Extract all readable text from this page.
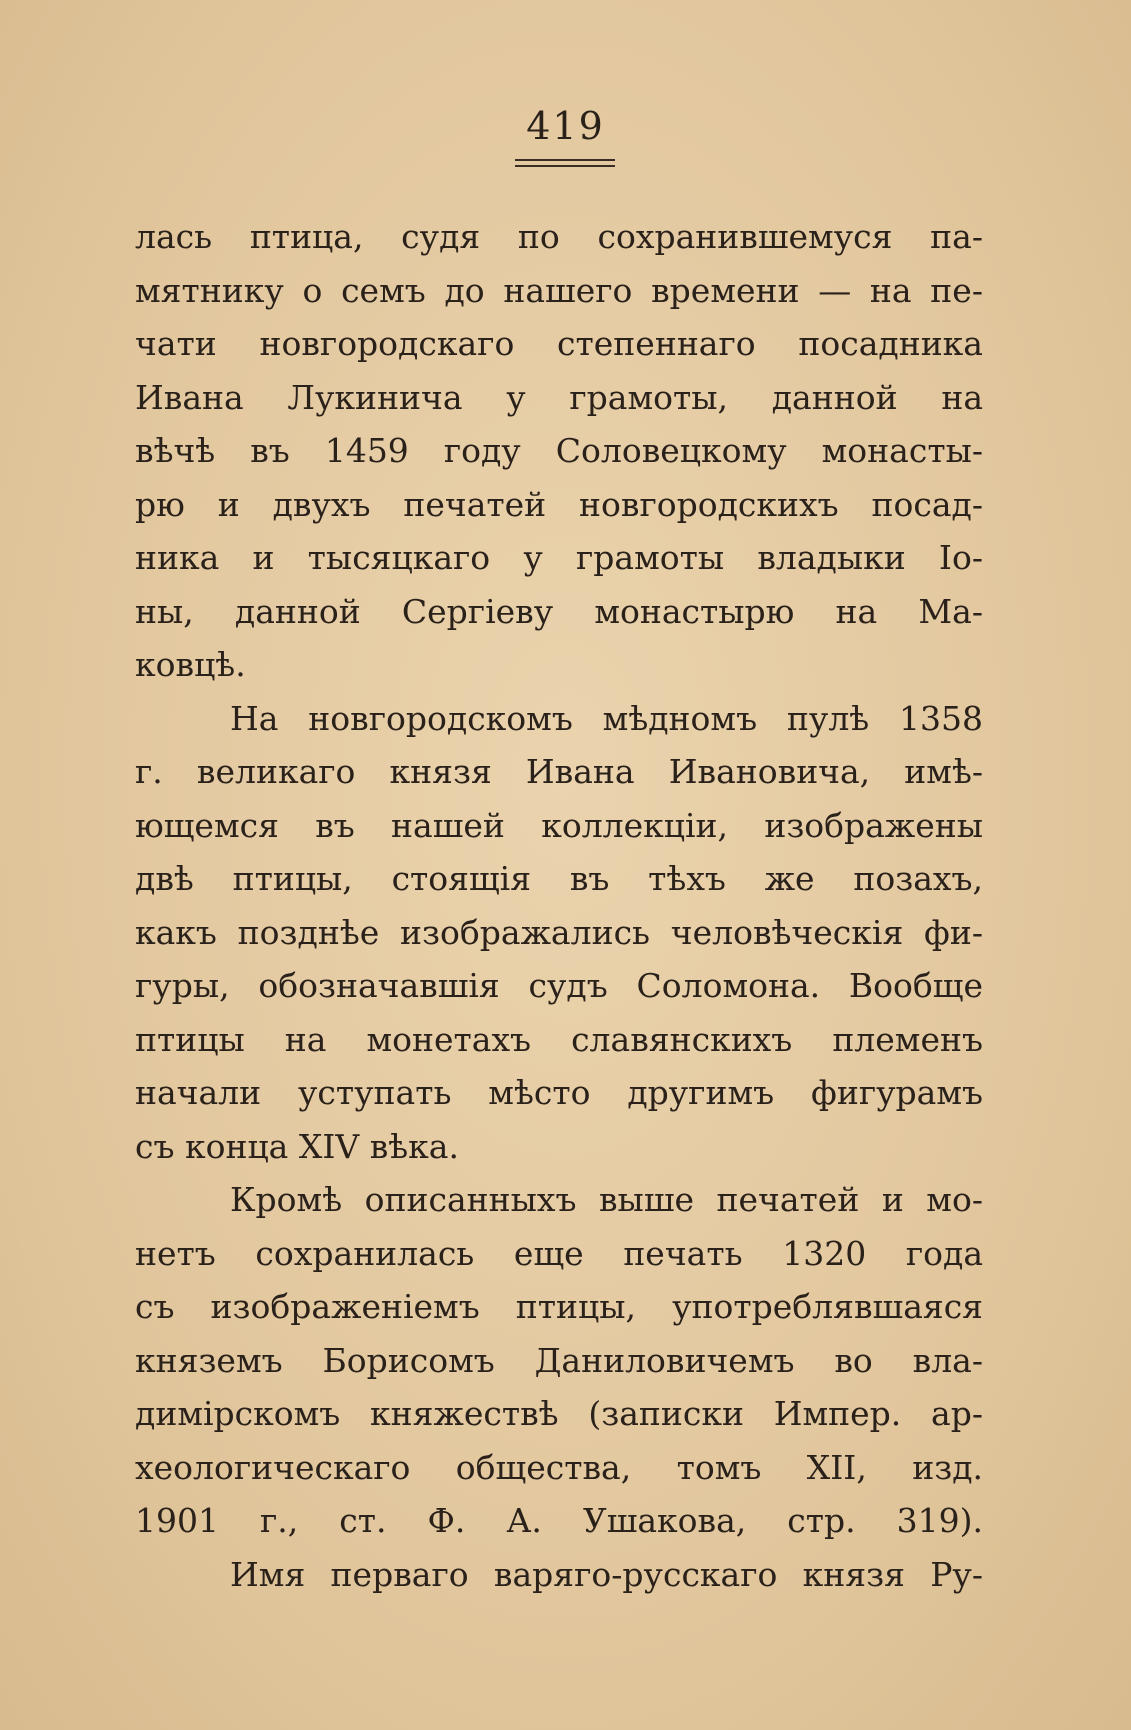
419
лась птица, судя по сохранившемуся па-
мятнику о семъ до нашего времени — на пе-
чати новгородскаго степеннаго посадника
Ивана Лукинича у грамоты, данной на
вѣчѣ въ 1459 году Соловецкому монасты-
рю и двухъ печатей новгородскихъ посад-
ника и тысяцкаго у грамоты владыки Іо-
ны, данной Сергіеву монастырю на Ма-
ковцѣ.
На новгородскомъ мѣдномъ пулѣ 1358
г. великаго князя Ивана Ивановича, имѣ-
ющемся въ нашей коллекціи, изображены
двѣ птицы, стоящія въ тѣхъ же позахъ,
какъ позднѣе изображались человѣческія фи-
гуры, обозначавшія судъ Соломона. Вообще
птицы на монетахъ славянскихъ племенъ
начали уступать мѣсто другимъ фигурамъ
съ конца XIV вѣка.
Кромѣ описанныхъ выше печатей и мо-
нетъ сохранилась еще печать 1320 года
съ изображеніемъ птицы, употреблявшаяся
княземъ Борисомъ Даниловичемъ во вла-
димірскомъ княжествѣ (записки Импер. ар-
хеологическаго общества, томъ XII, изд.
1901 г., ст. Ф. А. Ушакова, стр. 319).
Имя перваго варяго-русскаго князя Ру-
